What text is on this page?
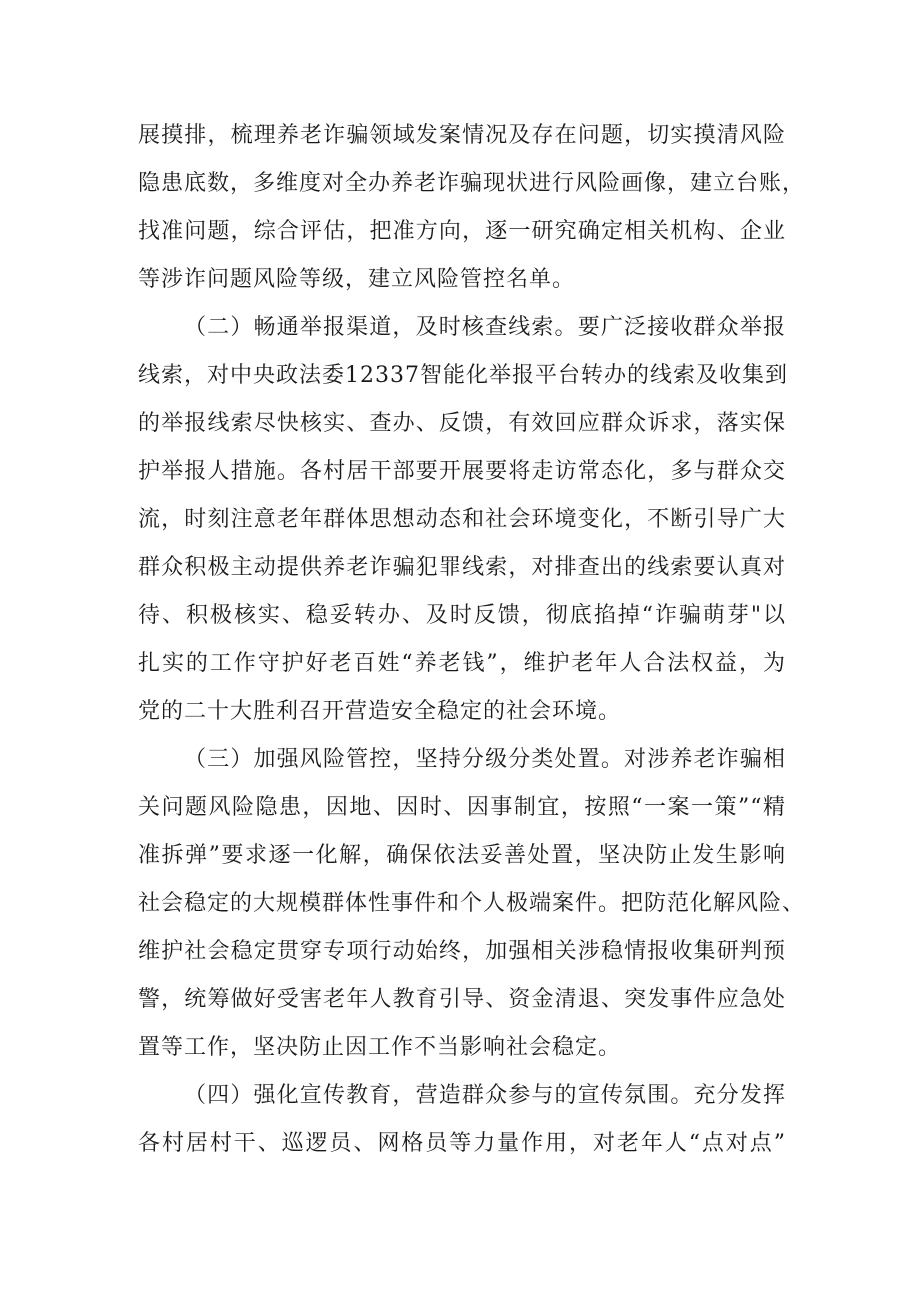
展摸排，梳理养老诈骗领域发案情况及存在问题，切实摸清风险
隐患底数，多维度对全办养老诈骗现状进行风险画像，建立台账，
找准问题，综合评估，把准方向，逐一研究确定相关机构、企业
等涉诈问题风险等级，建立风险管控名单。
（二）畅通举报渠道，及时核查线索。要广泛接收群众举报
线索，对中央政法委12337智能化举报平台转办的线索及收集到
的举报线索尽快核实、查办、反馈，有效回应群众诉求，落实保
护举报人措施。各村居干部要开展要将走访常态化，多与群众交
流，时刻注意老年群体思想动态和社会环境变化，不断引导广大
群众积极主动提供养老诈骗犯罪线索，对排查出的线索要认真对
待、积极核实、稳妥转办、及时反馈，彻底掐掉“诈骗萌芽"以
扎实的工作守护好老百姓“养老钱”，维护老年人合法权益，为
党的二十大胜利召开营造安全稳定的社会环境。
（三）加强风险管控，坚持分级分类处置。对涉养老诈骗相
关问题风险隐患，因地、因时、因事制宜，按照“一案一策”“精
准拆弹”要求逐一化解，确保依法妥善处置，坚决防止发生影响
社会稳定的大规模群体性事件和个人极端案件。把防范化解风险、
维护社会稳定贯穿专项行动始终，加强相关涉稳情报收集研判预
警，统筹做好受害老年人教育引导、资金清退、突发事件应急处
置等工作，坚决防止因工作不当影响社会稳定。
（四）强化宣传教育，营造群众参与的宣传氛围。充分发挥
各村居村干、巡逻员、网格员等力量作用，对老年人“点对点”
